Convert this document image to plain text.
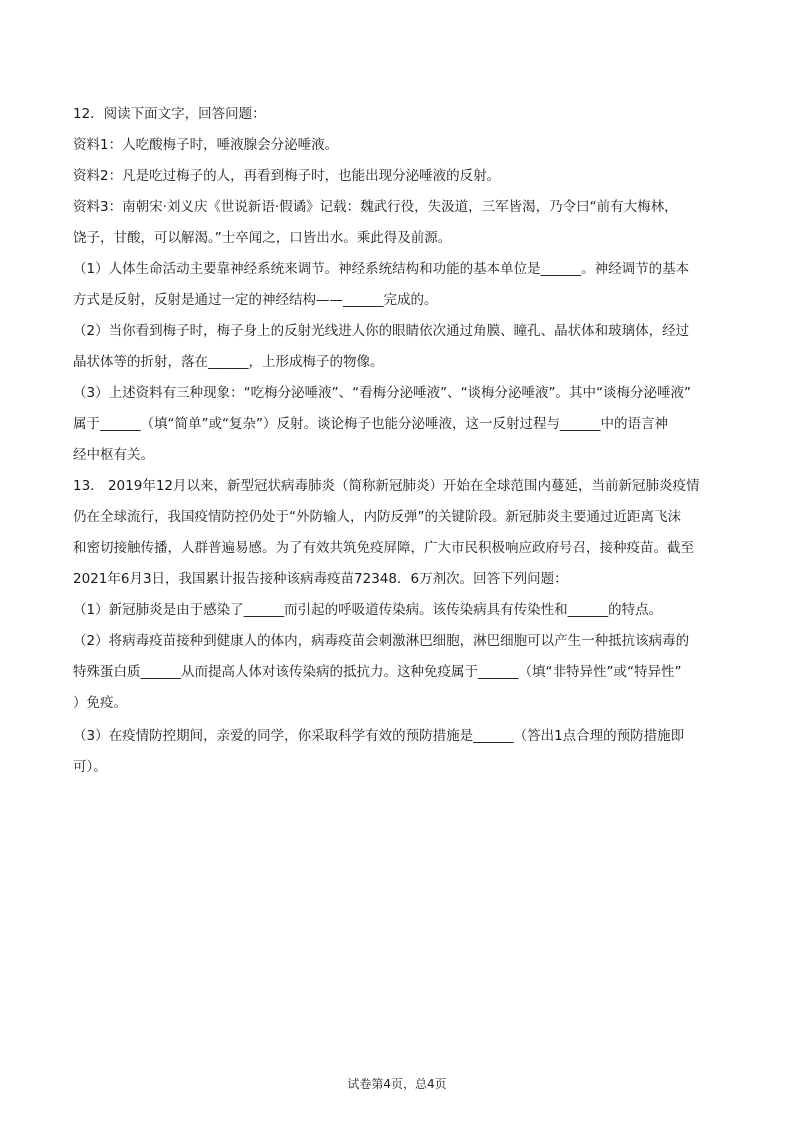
12．阅读下面文字，回答问题：
资料1：人吃酸梅子时，唾液腺会分泌唾液。
资料2：凡是吃过梅子的人，再看到梅子时，也能出现分泌唾液的反射。
资料3：南朝宋·刘义庆《世说新语·假谲》记载：魏武行役，失汲道，三军皆渴，乃令曰“前有大梅林，
饶子，甘酸，可以解渴。”士卒闻之，口皆出水。乘此得及前源。
（1）人体生命活动主要靠神经系统来调节。神经系统结构和功能的基本单位是______。神经调节的基本
方式是反射，反射是通过一定的神经结构——______完成的。
（2）当你看到梅子时，梅子身上的反射光线进人你的眼睛依次通过角膜、瞳孔、晶状体和玻璃体，经过
晶状体等的折射，落在______，上形成梅子的物像。
（3）上述资料有三种现象：“吃梅分泌唾液”、“看梅分泌唾液”、“谈梅分泌唾液”。其中“谈梅分泌唾液”
属于______（填“简单”或“复杂”）反射。谈论梅子也能分泌唾液，这一反射过程与______中的语言神
经中枢有关。
13． 2019年12月以来，新型冠状病毒肺炎（简称新冠肺炎）开始在全球范围内蔓延，当前新冠肺炎疫情
仍在全球流行，我国疫情防控仍处于“外防输人，内防反弹”的关键阶段。新冠肺炎主要通过近距离飞沫
和密切接触传播，人群普遍易感。为了有效共筑免疫屏障，广大市民积极响应政府号召，接种疫苗。截至
2021年6月3日，我国累计报告接种该病毒疫苗72348．6万剂次。回答下列问题：
（1）新冠肺炎是由于感染了______而引起的呼吸道传染病。该传染病具有传染性和______的特点。
（2）将病毒疫苗接种到健康人的体内，病毒疫苗会刺激淋巴细胞，淋巴细胞可以产生一种抵抗该病毒的
特殊蛋白质______从而提高人体对该传染病的抵抗力。这种免疫属于______（填“非特异性”或“特异性”
）免疫。
（3）在疫情防控期间，亲爱的同学，你采取科学有效的预防措施是______（答出1点合理的预防措施即
可）。
试卷第4页，总4页
